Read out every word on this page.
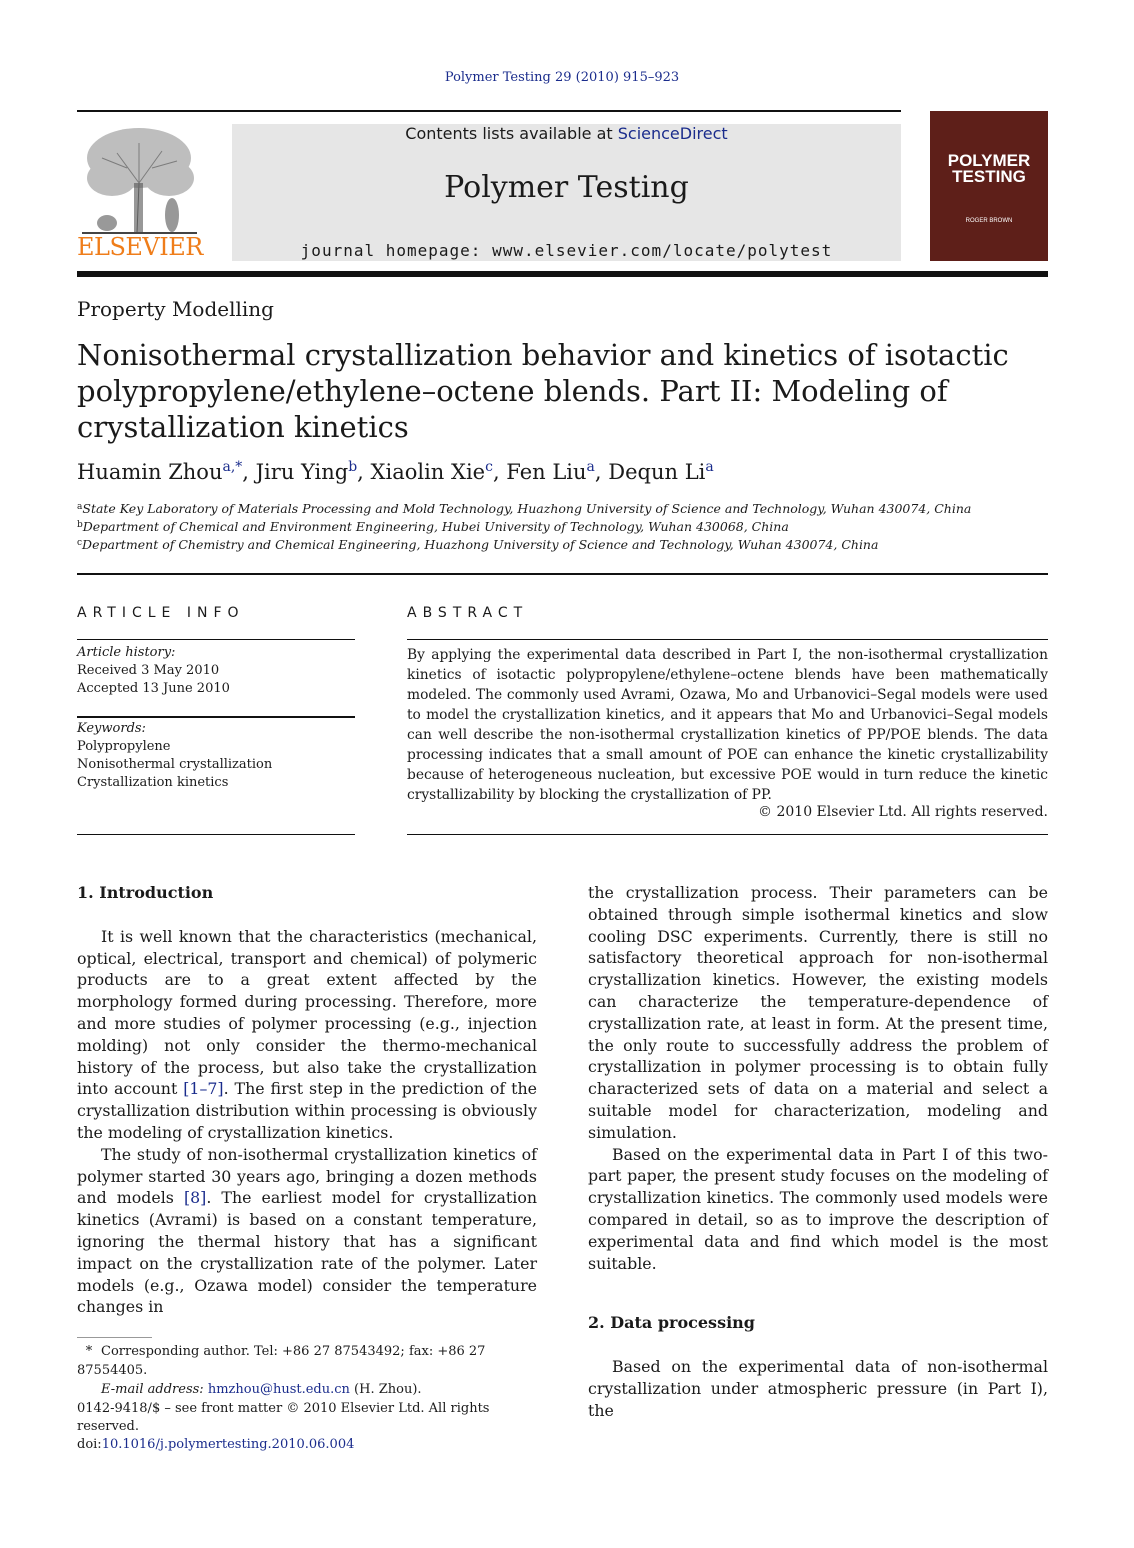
Polymer Testing 29 (2010) 915–923
ELSEVIER
Contents lists available at ScienceDirect
Polymer Testing
journal homepage: www.elsevier.com/locate/polytest
POLYMER
TESTING
ROGER BROWN
Property Modelling
Nonisothermal crystallization behavior and kinetics of isotactic polypropylene/ethylene–octene blends. Part II: Modeling of crystallization kinetics
Huamin Zhou$^{a,*}$, Jiru Ying$^b$, Xiaolin Xie$^c$, Fen Liu$^a$, Dequn Li$^a$
$^a$State Key Laboratory of Materials Processing and Mold Technology, Huazhong University of Science and Technology, Wuhan 430074, China
$^b$Department of Chemical and Environment Engineering, Hubei University of Technology, Wuhan 430068, China
$^c$Department of Chemistry and Chemical Engineering, Huazhong University of Science and Technology, Wuhan 430074, China
ARTICLE INFO
Article history:
Received 3 May 2010
Accepted 13 June 2010
Keywords:
Polypropylene
Nonisothermal crystallization
Crystallization kinetics
ABSTRACT
By applying the experimental data described in Part I, the non-isothermal crystallization kinetics of isotactic polypropylene/ethylene–octene blends have been mathematically modeled. The commonly used Avrami, Ozawa, Mo and Urbanovici–Segal models were used to model the crystallization kinetics, and it appears that Mo and Urbanovici–Segal models can well describe the non-isothermal crystallization kinetics of PP/POE blends. The data processing indicates that a small amount of POE can enhance the kinetic crystallizability because of heterogeneous nucleation, but excessive POE would in turn reduce the kinetic crystallizability by blocking the crystallization of PP.
© 2010 Elsevier Ltd. All rights reserved.

1. Introduction

It is well known that the characteristics (mechanical, optical, electrical, transport and chemical) of polymeric products are to a great extent affected by the morphology formed during processing. Therefore, more and more studies of polymer processing (e.g., injection molding) not only consider the thermo-mechanical history of the process, but also take the crystallization into account [1–7]. The first step in the prediction of the crystallization distribution within processing is obviously the modeling of crystallization kinetics.

The study of non-isothermal crystallization kinetics of polymer started 30 years ago, bringing a dozen methods and models [8]. The earliest model for crystallization kinetics (Avrami) is based on a constant temperature, ignoring the thermal history that has a significant impact on the crystallization rate of the polymer. Later models (e.g., Ozawa model) consider the temperature changes in

the crystallization process. Their parameters can be obtained through simple isothermal kinetics and slow cooling DSC experiments. Currently, there is still no satisfactory theoretical approach for non-isothermal crystallization kinetics. However, the existing models can characterize the temperature-dependence of crystallization rate, at least in form. At the present time, the only route to successfully address the problem of crystallization in polymer processing is to obtain fully characterized sets of data on a material and select a suitable model for characterization, modeling and simulation.

Based on the experimental data in Part I of this two-part paper, the present study focuses on the modeling of crystallization kinetics. The commonly used models were compared in detail, so as to improve the description of experimental data and find which model is the most suitable.

2. Data processing

Based on the experimental data of non-isothermal crystallization under atmospheric pressure (in Part I), the

* Corresponding author. Tel: +86 27 87543492; fax: +86 27 87554405.
E-mail address: hmzhou@hust.edu.cn (H. Zhou).
0142-9418/$ – see front matter © 2010 Elsevier Ltd. All rights reserved.
doi:10.1016/j.polymertesting.2010.06.004
